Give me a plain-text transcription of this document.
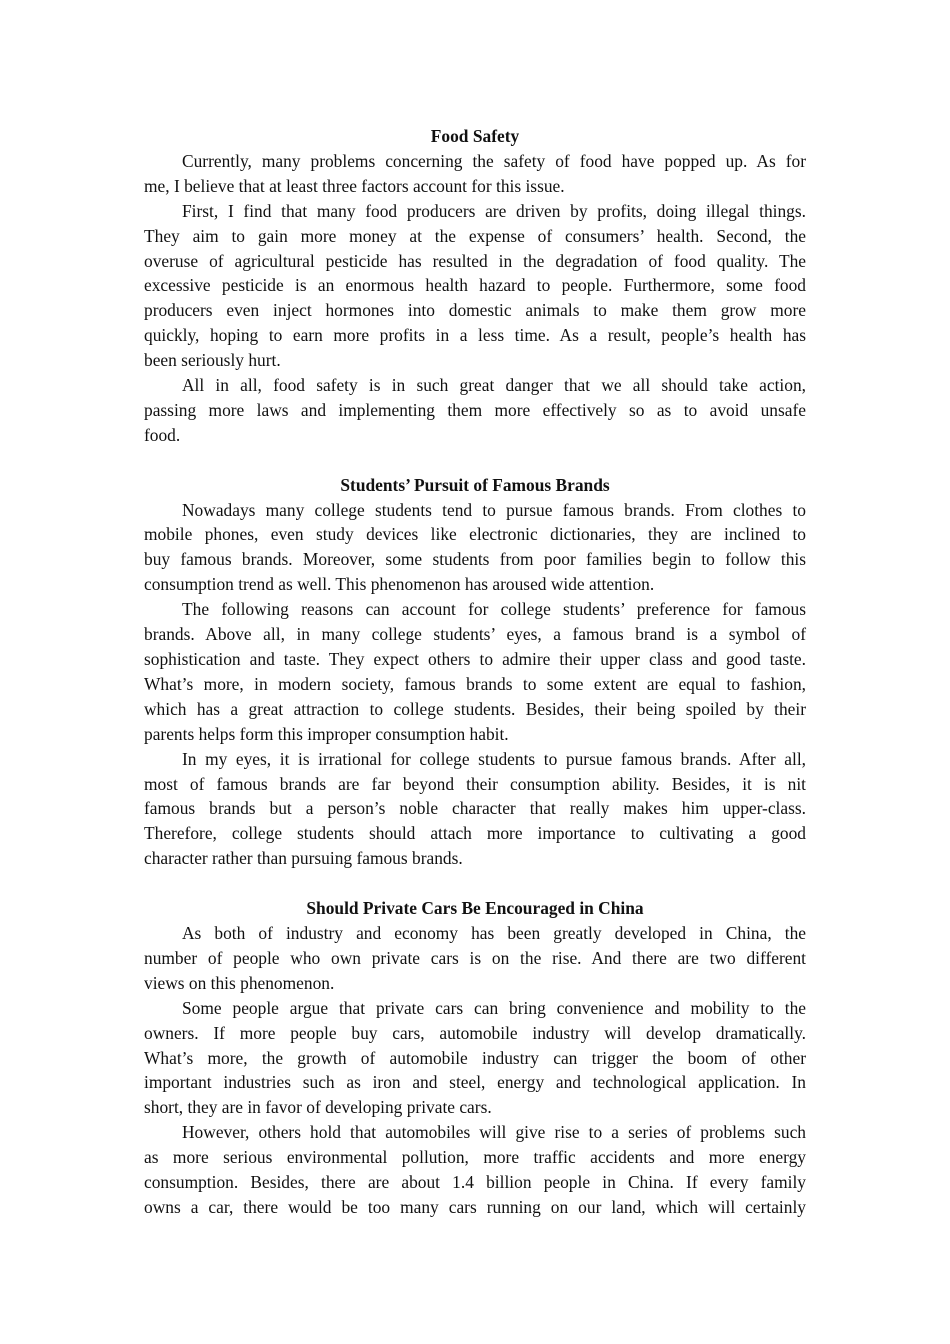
Food Safety
Currently, many problems concerning the safety of food have popped up. As for
me, I believe that at least three factors account for this issue.
First, I find that many food producers are driven by profits, doing illegal things.
They aim to gain more money at the expense of consumers’ health. Second, the
overuse of agricultural pesticide has resulted in the degradation of food quality. The
excessive pesticide is an enormous health hazard to people. Furthermore, some food
producers even inject hormones into domestic animals to make them grow more
quickly, hoping to earn more profits in a less time. As a result, people’s health has
been seriously hurt.
All in all, food safety is in such great danger that we all should take action,
passing more laws and implementing them more effectively so as to avoid unsafe
food.
Students’ Pursuit of Famous Brands
Nowadays many college students tend to pursue famous brands. From clothes to
mobile phones, even study devices like electronic dictionaries, they are inclined to
buy famous brands. Moreover, some students from poor families begin to follow this
consumption trend as well. This phenomenon has aroused wide attention.
The following reasons can account for college students’ preference for famous
brands. Above all, in many college students’ eyes, a famous brand is a symbol of
sophistication and taste. They expect others to admire their upper class and good taste.
What’s more, in modern society, famous brands to some extent are equal to fashion,
which has a great attraction to college students. Besides, their being spoiled by their
parents helps form this improper consumption habit.
In my eyes, it is irrational for college students to pursue famous brands. After all,
most of famous brands are far beyond their consumption ability. Besides, it is nit
famous brands but a person’s noble character that really makes him upper-class.
Therefore, college students should attach more importance to cultivating a good
character rather than pursuing famous brands.
Should Private Cars Be Encouraged in China
As both of industry and economy has been greatly developed in China, the
number of people who own private cars is on the rise. And there are two different
views on this phenomenon.
Some people argue that private cars can bring convenience and mobility to the
owners. If more people buy cars, automobile industry will develop dramatically.
What’s more, the growth of automobile industry can trigger the boom of other
important industries such as iron and steel, energy and technological application. In
short, they are in favor of developing private cars.
However, others hold that automobiles will give rise to a series of problems such
as more serious environmental pollution, more traffic accidents and more energy
consumption. Besides, there are about 1.4 billion people in China. If every family
owns a car, there would be too many cars running on our land, which will certainly
